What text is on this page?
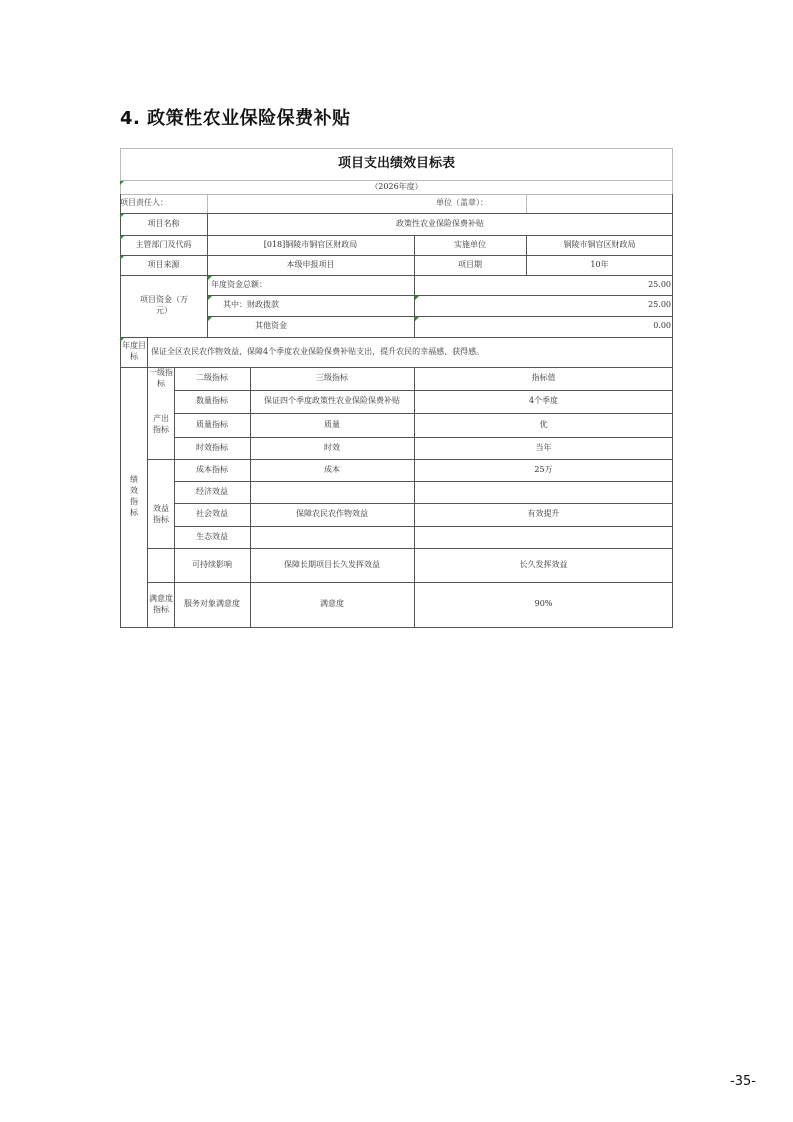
4. 政策性农业保险保费补贴
项目支出绩效目标表
（2026年度）
项目责任人：	单位（盖章）：
项目名称	政策性农业保险保费补贴
主管部门及代码	[018]铜陵市铜官区财政局	实施单位	铜陵市铜官区财政局
项目来源	本级申报项目	项目期	10年
项目资金（万元）
年度资金总额：	25.00
其中：财政拨款	25.00
其他资金	0.00
年度目标
保证全区农民农作物效益，保障4个季度农业保险保费补贴支出，提升农民的幸福感、获得感。
绩效指标
一级指标
二级指标	三级指标	指标值
产出指标
数量指标	保证四个季度政策性农业保险保费补贴	4个季度
质量指标	质量	优
时效指标	时效	当年
成本指标	成本	25万
效益指标
经济效益
社会效益	保障农民农作物效益	有效提升
生态效益
可持续影响	保障长期项目长久发挥效益	长久发挥效益
满意度指标
服务对象满意度	满意度	90%
-35-
